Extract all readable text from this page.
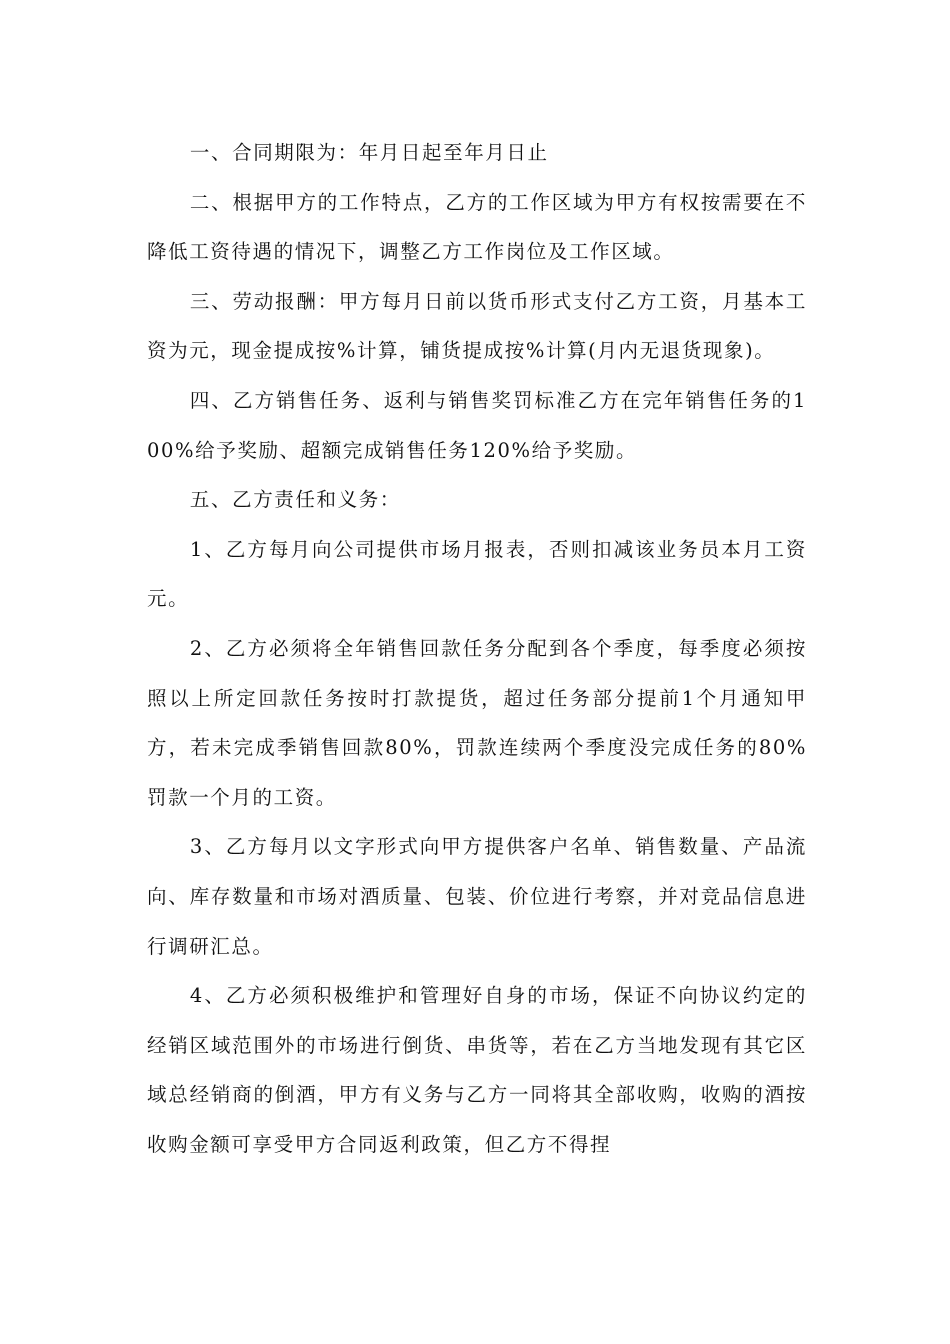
一、合同期限为：年月日起至年月日止

二、根据甲方的工作特点，乙方的工作区域为甲方有权按需要在不降低工资待遇的情况下，调整乙方工作岗位及工作区域。

三、劳动报酬：甲方每月日前以货币形式支付乙方工资，月基本工资为元，现金提成按%计算，铺货提成按%计算(月内无退货现象)。

四、乙方销售任务、返利与销售奖罚标准乙方在完年销售任务的100%给予奖励、超额完成销售任务120%给予奖励。

五、乙方责任和义务：

1、乙方每月向公司提供市场月报表，否则扣减该业务员本月工资元。

2、乙方必须将全年销售回款任务分配到各个季度，每季度必须按照以上所定回款任务按时打款提货，超过任务部分提前1个月通知甲方，若未完成季销售回款80%，罚款连续两个季度没完成任务的80%罚款一个月的工资。

3、乙方每月以文字形式向甲方提供客户名单、销售数量、产品流向、库存数量和市场对酒质量、包装、价位进行考察，并对竞品信息进行调研汇总。

4、乙方必须积极维护和管理好自身的市场，保证不向协议约定的经销区域范围外的市场进行倒货、串货等，若在乙方当地发现有其它区域总经销商的倒酒，甲方有义务与乙方一同将其全部收购，收购的酒按收购金额可享受甲方合同返利政策，但乙方不得捏
